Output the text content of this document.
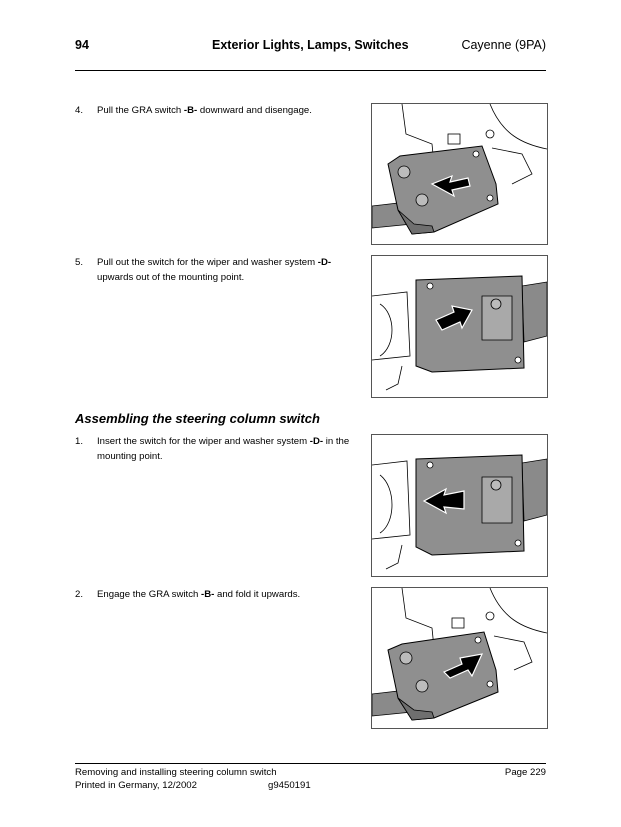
94	Exterior Lights, Lamps, Switches	Cayenne (9PA)
4. Pull the GRA switch -B- downward and disengage.
5. Pull out the switch for the wiper and washer system -D- upwards out of the mounting point.
Assembling the steering column switch
1. Insert the switch for the wiper and washer system -D- in the mounting point.
2. Engage the GRA switch -B- and fold it upwards.
Removing and installing steering column switch	Page 229
Printed in Germany, 12/2002	g9450191
